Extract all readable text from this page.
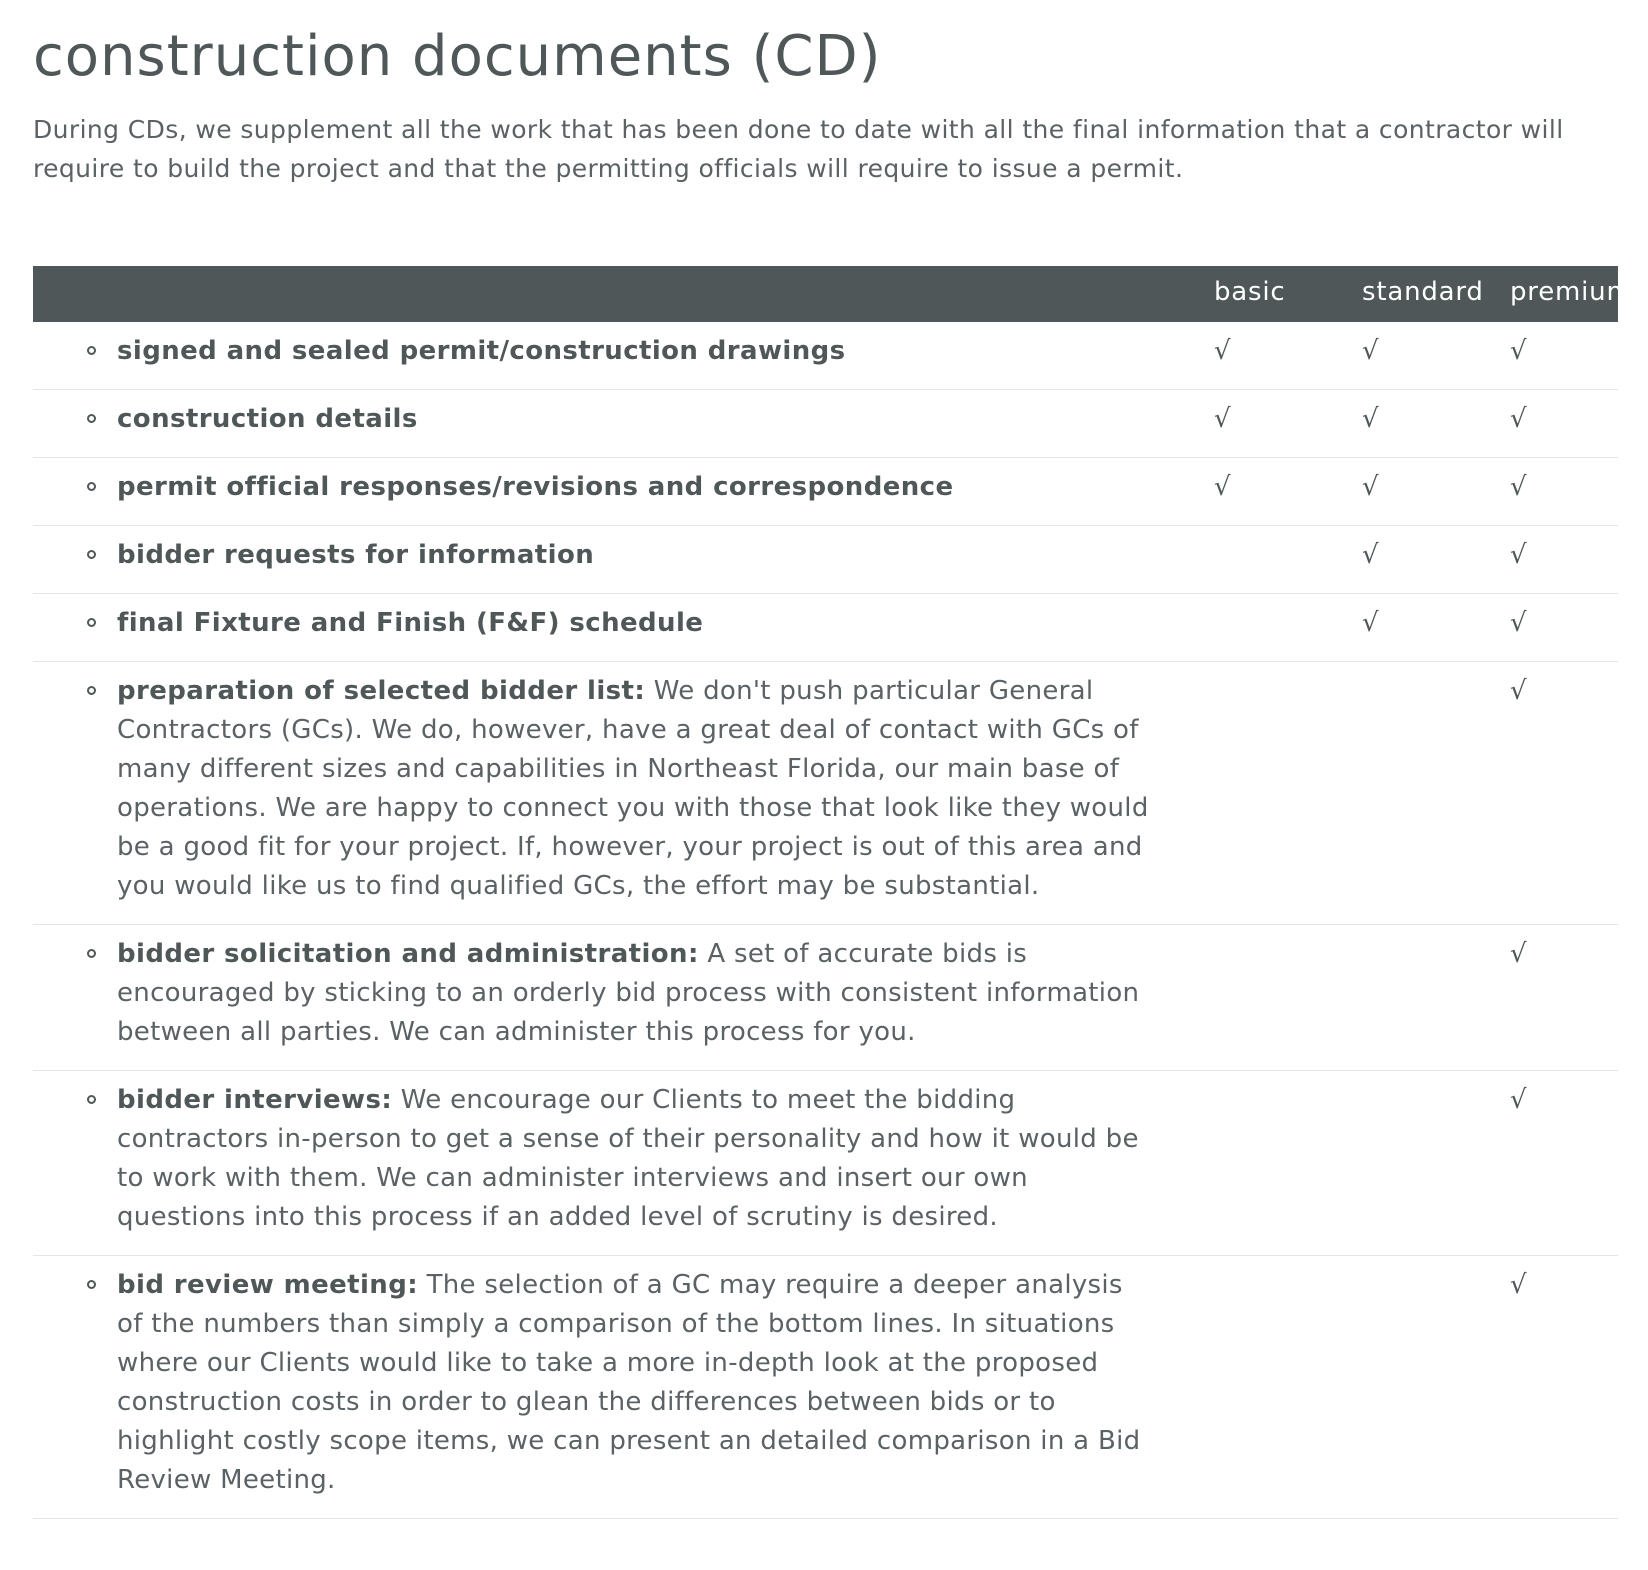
construction documents (CD)

During CDs, we supplement all the work that has been done to date with all the final information that a contractor will require to build the project and that the permitting officials will require to issue a permit.

	basic	standard	premium

signed and sealed permit/construction drawings	√	√	√

construction details	√	√	√

permit official responses/revisions and correspondence	√	√	√

bidder requests for information		√	√

final Fixture and Finish (F&F) schedule		√	√

preparation of selected bidder list: We don't push particular General Contractors (GCs). We do, however, have a great deal of contact with GCs of many different sizes and capabilities in Northeast Florida, our main base of operations. We are happy to connect you with those that look like they would be a good fit for your project. If, however, your project is out of this area and you would like us to find qualified GCs, the effort may be substantial.			√

bidder solicitation and administration: A set of accurate bids is encouraged by sticking to an orderly bid process with consistent information between all parties. We can administer this process for you.			√

bidder interviews: We encourage our Clients to meet the bidding contractors in-person to get a sense of their personality and how it would be to work with them. We can administer interviews and insert our own questions into this process if an added level of scrutiny is desired.			√

bid review meeting: The selection of a GC may require a deeper analysis of the numbers than simply a comparison of the bottom lines. In situations where our Clients would like to take a more in-depth look at the proposed construction costs in order to glean the differences between bids or to highlight costly scope items, we can present an detailed comparison in a Bid Review Meeting.			√
